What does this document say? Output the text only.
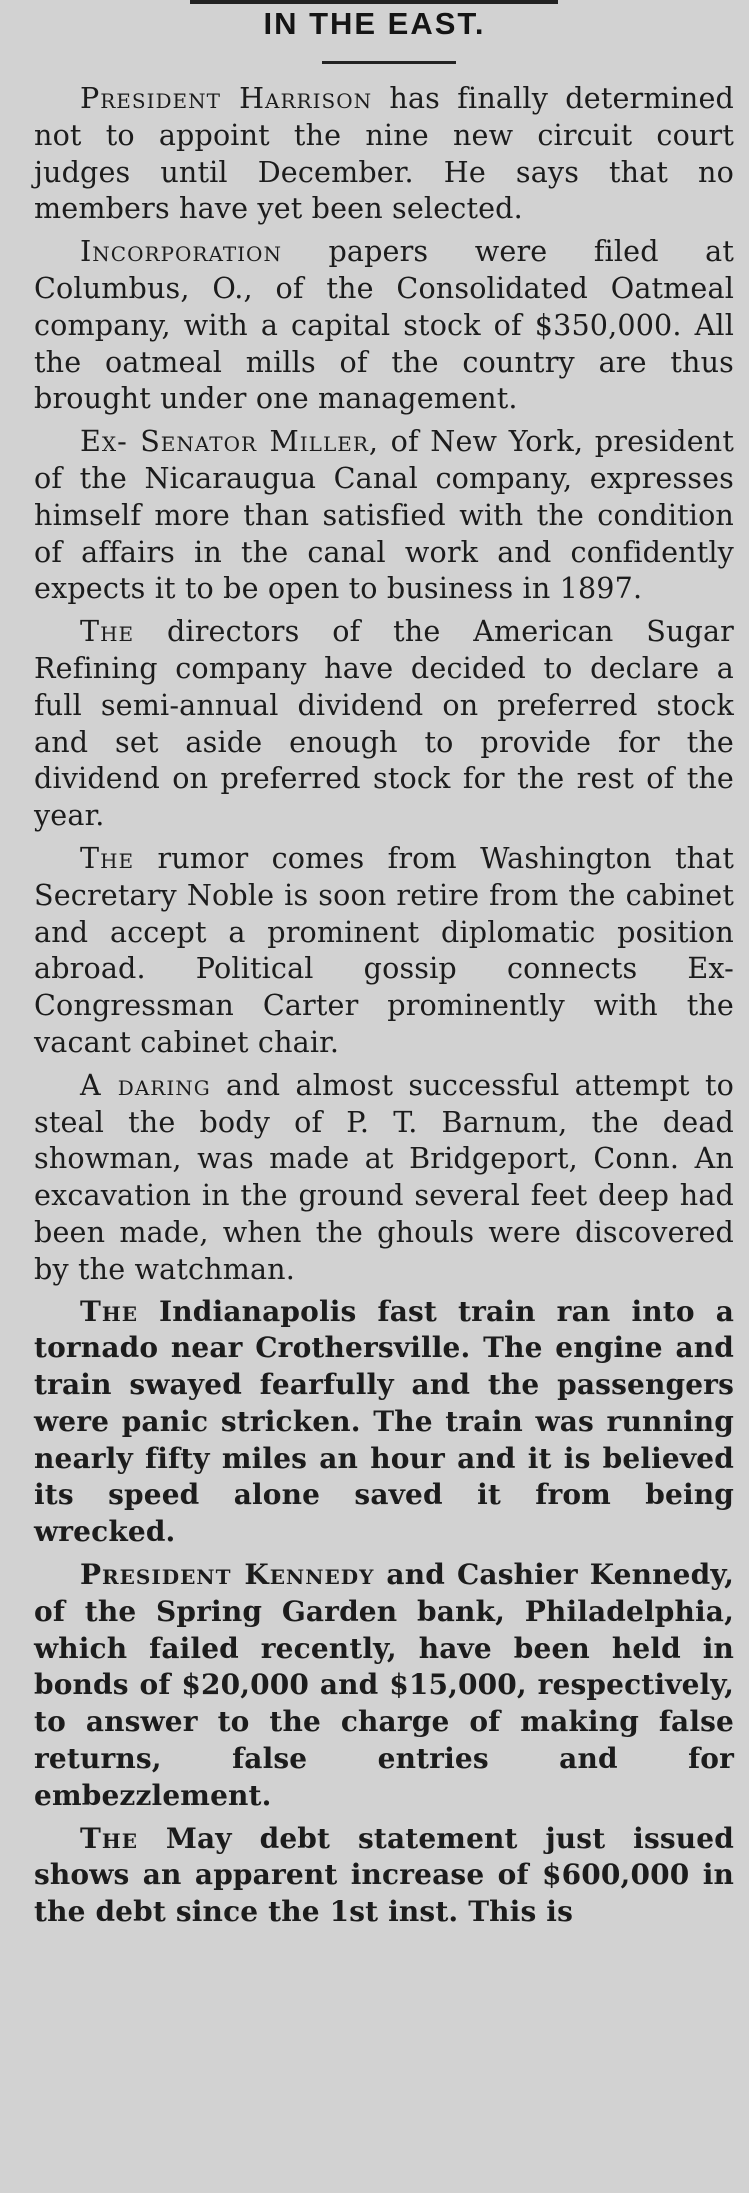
IN THE EAST.

President Harrison has finally determined not to appoint the nine new circuit court judges until December. He says that no members have yet been selected.

Incorporation papers were filed at Columbus, O., of the Consolidated Oatmeal company, with a capital stock of $350,000. All the oatmeal mills of the country are thus brought under one management.

Ex- Senator Miller, of New York, president of the Nicaraugua Canal company, expresses himself more than satisfied with the condition of affairs in the canal work and confidently expects it to be open to business in 1897.

The directors of the American Sugar Refining company have decided to declare a full semi-annual dividend on preferred stock and set aside enough to provide for the dividend on preferred stock for the rest of the year.

The rumor comes from Washington that Secretary Noble is soon retire from the cabinet and accept a prominent diplomatic position abroad. Political gossip connects Ex-Congressman Carter prominently with the vacant cabinet chair.

A daring and almost successful attempt to steal the body of P. T. Barnum, the dead showman, was made at Bridgeport, Conn. An excavation in the ground several feet deep had been made, when the ghouls were discovered by the watchman.

The Indianapolis fast train ran into a tornado near Crothersville. The engine and train swayed fearfully and the passengers were panic stricken. The train was running nearly fifty miles an hour and it is believed its speed alone saved it from being wrecked.

President Kennedy and Cashier Kennedy, of the Spring Garden bank, Philadelphia, which failed recently, have been held in bonds of $20,000 and $15,000, respectively, to answer to the charge of making false returns, false entries and for embezzlement.

The May debt statement just issued shows an apparent increase of $600,000 in the debt since the 1st inst. This is
